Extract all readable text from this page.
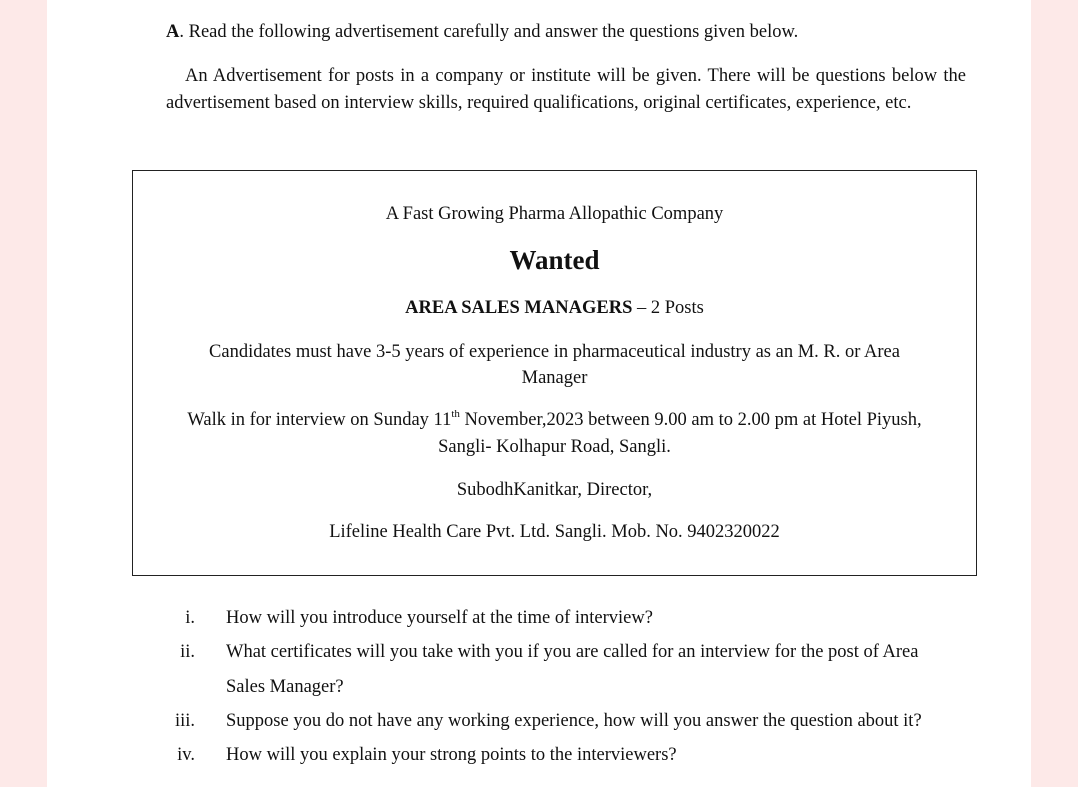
A. Read the following advertisement carefully and answer the questions given below.
An Advertisement for posts in a company or institute will be given. There will be questions below the advertisement based on interview skills, required qualifications, original certificates, experience, etc.
A Fast Growing Pharma Allopathic Company
Wanted
AREA SALES MANAGERS – 2 Posts
Candidates must have 3-5 years of experience in pharmaceutical industry as an M. R. or Area
Manager
Walk in for interview on Sunday 11th November,2023 between 9.00 am to 2.00 pm at Hotel Piyush,
Sangli- Kolhapur Road, Sangli.
SubodhKanitkar, Director,
Lifeline Health Care Pvt. Ltd. Sangli. Mob. No. 9402320022
i. How will you introduce yourself at the time of interview?
ii. What certificates will you take with you if you are called for an interview for the post of Area
Sales Manager?
iii. Suppose you do not have any working experience, how will you answer the question about it?
iv. How will you explain your strong points to the interviewers?
